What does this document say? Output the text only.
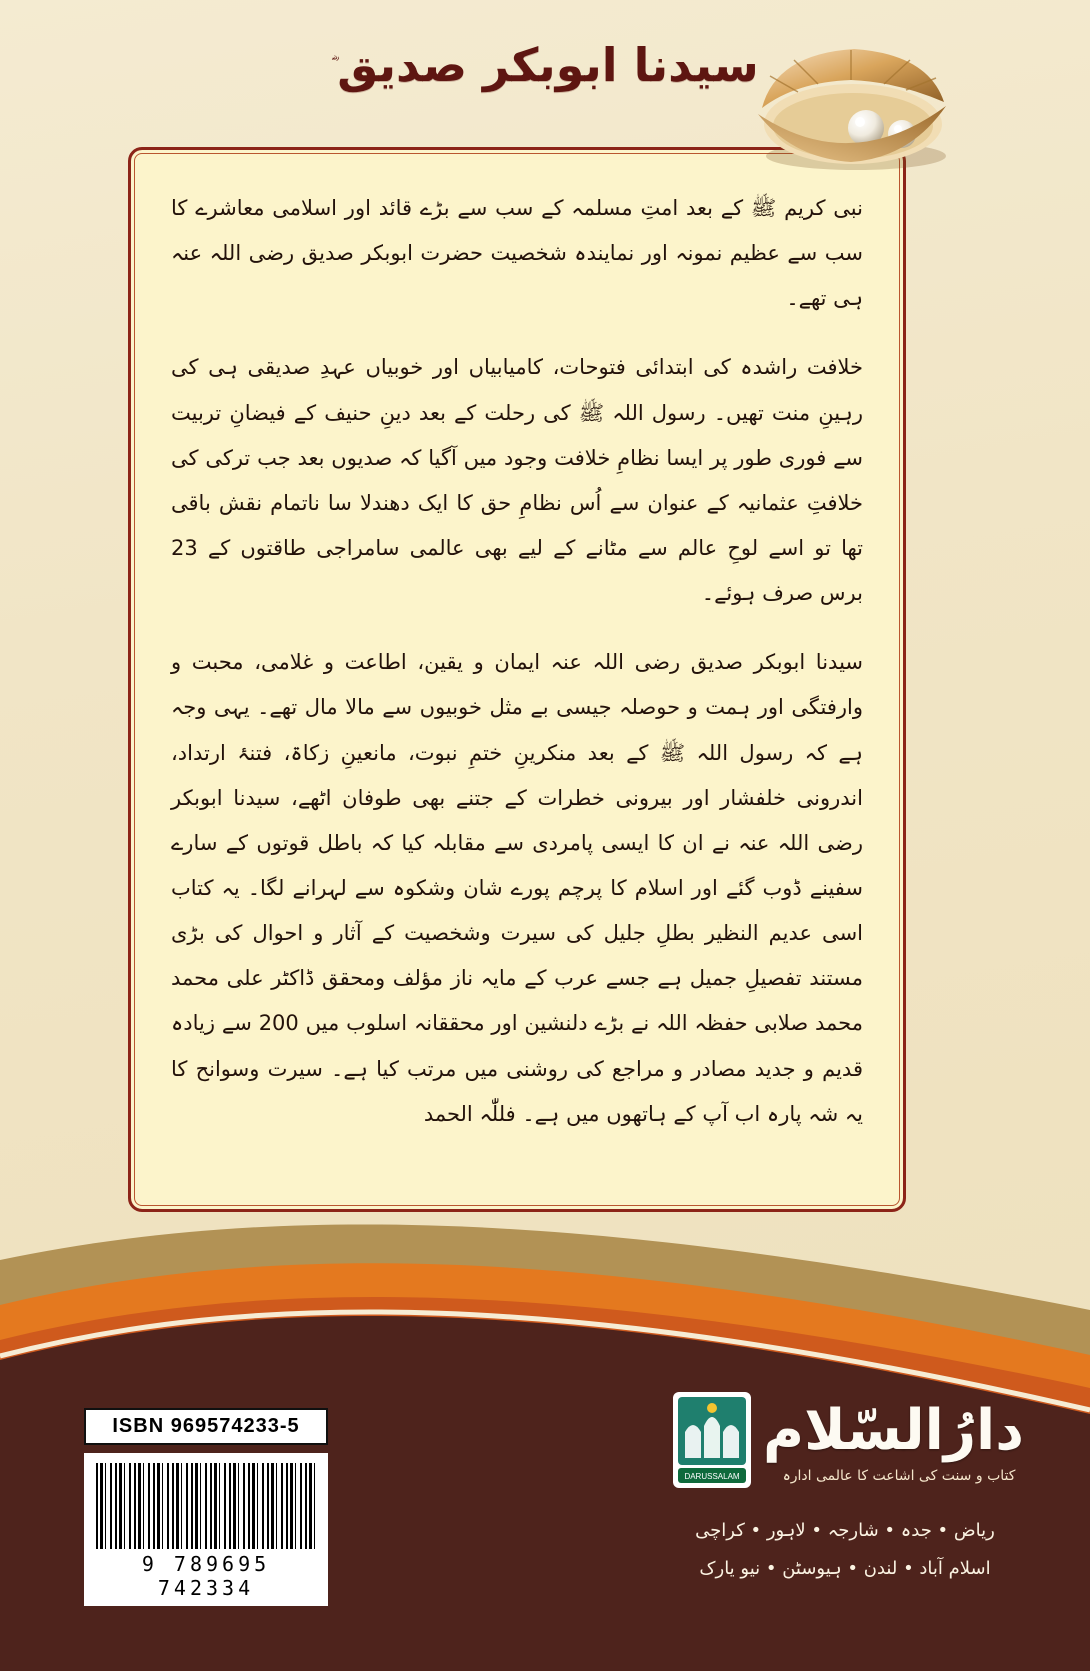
سیدنا ابوبکر صدیق

نبی کریم ﷺ کے بعد امتِ مسلمہ کے سب سے بڑے قائد اور اسلامی معاشرے کا سب سے عظیم نمونہ اور نمایندہ شخصیت حضرت ابوبکر صدیق رضی اللہ عنہ ہی تھے۔

خلافت راشدہ کی ابتدائی فتوحات، کامیابیاں اور خوبیاں عہدِ صدیقی ہی کی رہینِ منت تھیں۔ رسول اللہ ﷺ کی رحلت کے بعد دینِ حنیف کے فیضانِ تربیت سے فوری طور پر ایسا نظامِ خلافت وجود میں آگیا کہ صدیوں بعد جب ترکی کی خلافتِ عثمانیہ کے عنوان سے اُس نظامِ حق کا ایک دھندلا سا ناتمام نقش باقی تھا تو اسے لوحِ عالم سے مٹانے کے لیے بھی عالمی سامراجی طاقتوں کے 23 برس صرف ہوئے۔

سیدنا ابوبکر صدیق رضی اللہ عنہ ایمان و یقین، اطاعت و غلامی، محبت و وارفتگی اور ہمت و حوصلہ جیسی بے مثل خوبیوں سے مالا مال تھے۔ یہی وجہ ہے کہ رسول اللہ ﷺ کے بعد منکرینِ ختمِ نبوت، مانعینِ زکاۃ، فتنۂ ارتداد، اندرونی خلفشار اور بیرونی خطرات کے جتنے بھی طوفان اٹھے، سیدنا ابوبکر رضی اللہ عنہ نے ان کا ایسی پامردی سے مقابلہ کیا کہ باطل قوتوں کے سارے سفینے ڈوب گئے اور اسلام کا پرچم پورے شان وشکوہ سے لہرانے لگا۔ یہ کتاب اسی عدیم النظیر بطلِ جلیل کی سیرت وشخصیت کے آثار و احوال کی بڑی مستند تفصیلِ جمیل ہے جسے عرب کے مایہ ناز مؤلف ومحقق ڈاکٹر علی محمد محمد صلابی حفظہ اللہ نے بڑے دلنشین اور محققانہ اسلوب میں 200 سے زیادہ قدیم و جدید مصادر و مراجع کی روشنی میں مرتب کیا ہے۔ سیرت وسوانح کا یہ شہ پارہ اب آپ کے ہاتھوں میں ہے۔ فللّٰہ الحمد

ISBN 969574233-5
9 789695 742334
دارُالسّلام
کتاب و سنت کی اشاعت کا عالمی ادارہ
DARUSSALAM
ریاض • جدہ • شارجہ • لاہور • کراچی
اسلام آباد • لندن • ہیوسٹن • نیو یارک
